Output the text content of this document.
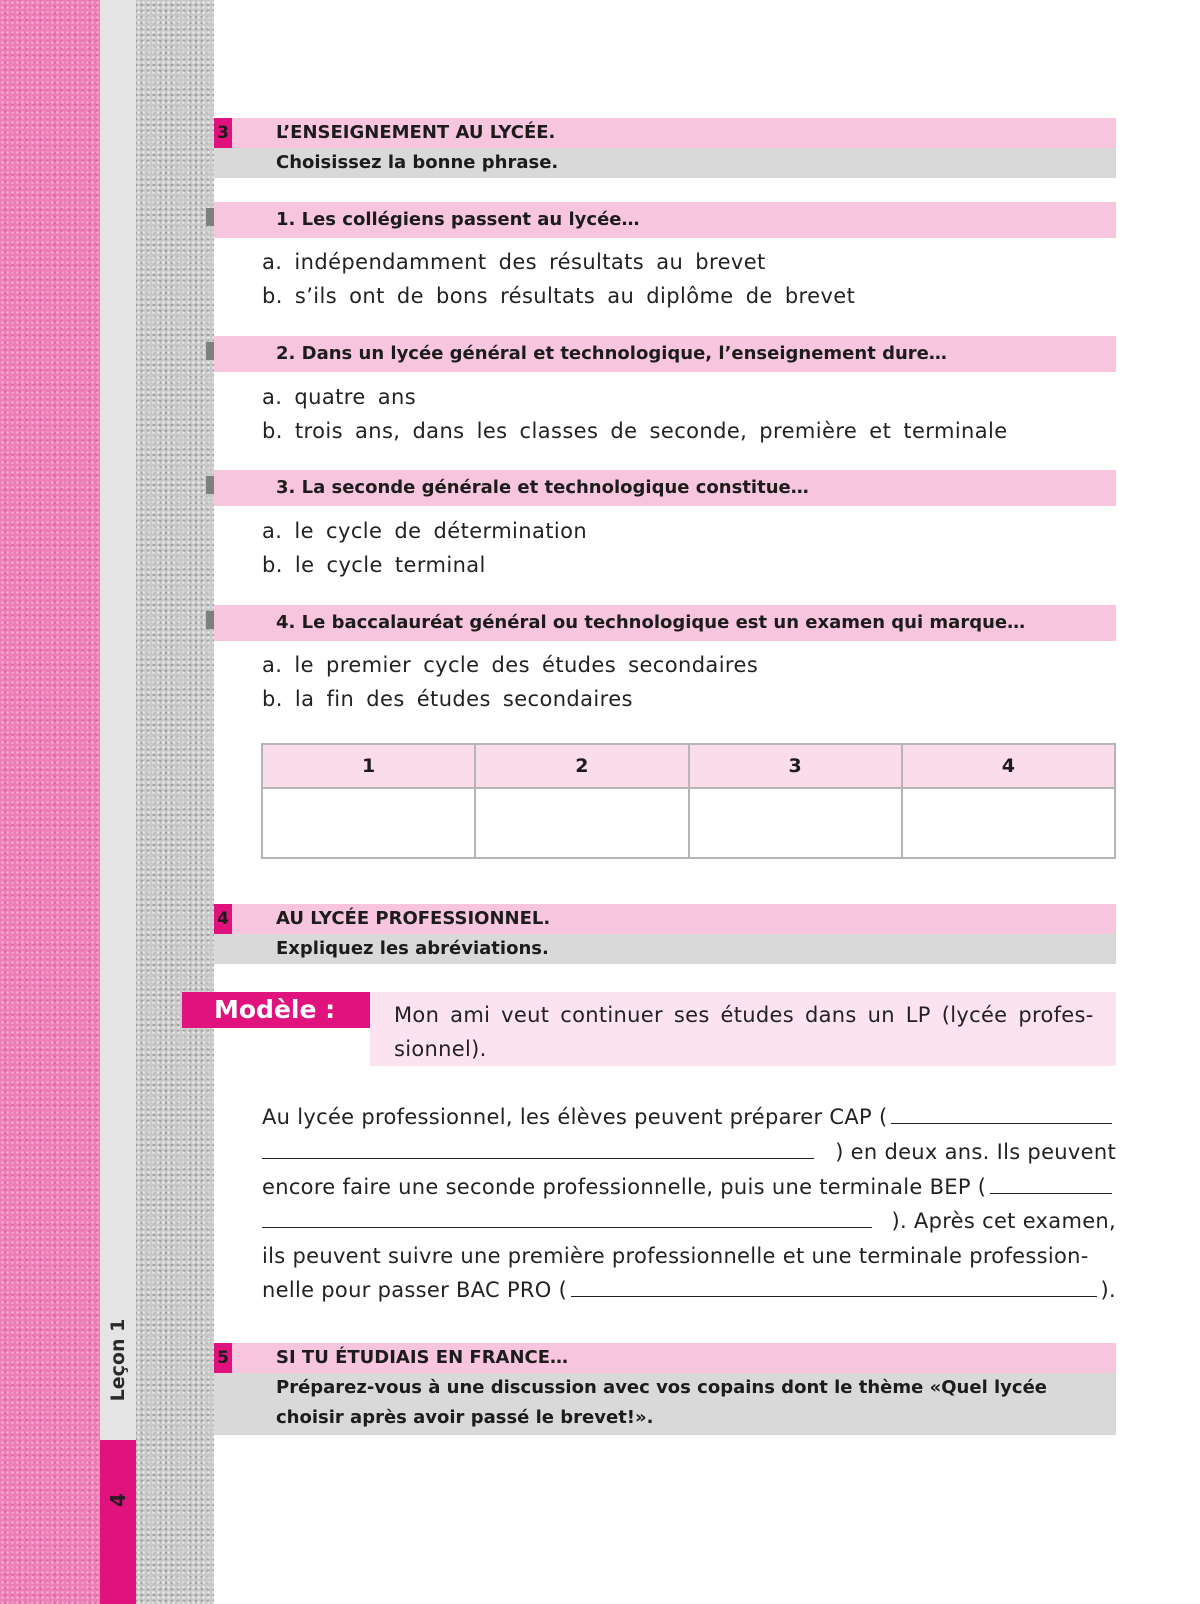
Leçon 1
4
3	L’ENSEIGNEMENT AU LYCÉE.
Choisissez la bonne phrase.
1. Les collégiens passent au lycée…
a. indépendamment des résultats au brevet
b. s’ils ont de bons résultats au diplôme de brevet
2. Dans un lycée général et technologique, l’enseignement dure…
a. quatre ans
b. trois ans, dans les classes de seconde, première et terminale
3. La seconde générale et technologique constitue…
a. le cycle de détermination
b. le cycle terminal
4. Le baccalauréat général ou technologique est un examen qui marque…
a. le premier cycle des études secondaires
b. la fin des études secondaires
1	2	3	4

4	AU LYCÉE PROFESSIONNEL.
Expliquez les abréviations.
Modèle :	Mon ami veut continuer ses études dans un LP (lycée profes- sionnel).
Au lycée professionnel, les élèves peuvent préparer CAP (
) en deux ans. Ils peuvent
encore faire une seconde professionnelle, puis une terminale BEP (
). Après cet examen,
ils peuvent suivre une première professionnelle et une terminale profession-
nelle pour passer BAC PRO (	).
5	SI TU ÉTUDIAIS EN FRANCE…
Préparez-vous à une discussion avec vos copains dont le thème «Quel lycée choisir après avoir passé le brevet!».
